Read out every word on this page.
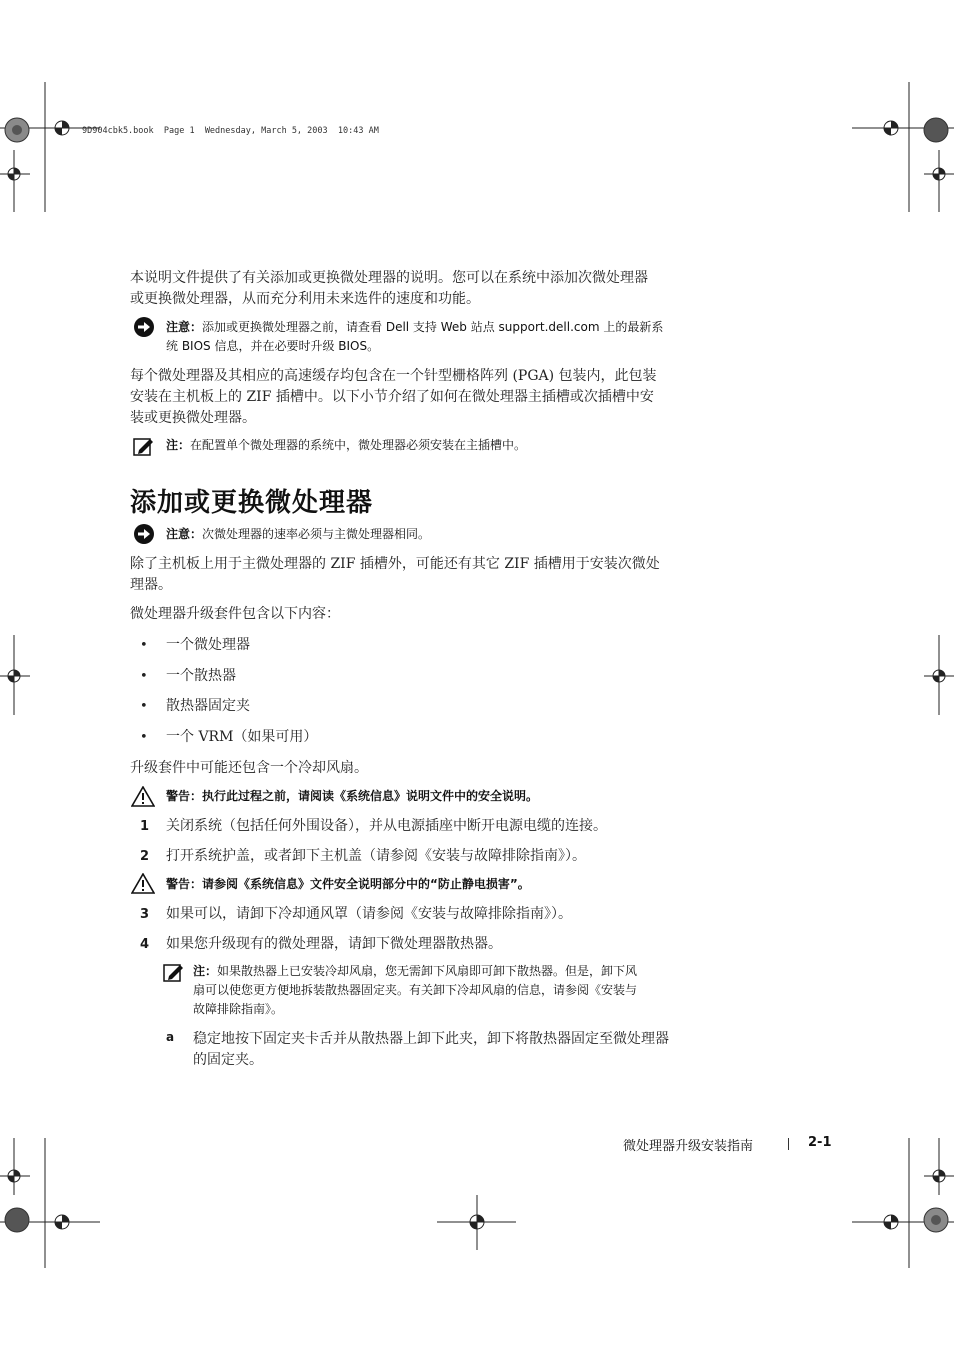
9D904cbk5.book  Page 1  Wednesday, March 5, 2003  10:43 AM
本说明文件提供了有关添加或更换微处理器的说明。您可以在系统中添加次微处理器
或更换微处理器，从而充分利用未来选件的速度和功能。
注意：添加或更换微处理器之前，请查看 Dell 支持 Web 站点 support.dell.com 上的最新系
统 BIOS 信息，并在必要时升级 BIOS。
每个微处理器及其相应的高速缓存均包含在一个针型栅格阵列 (PGA) 包装内，此包装
安装在主机板上的 ZIF 插槽中。以下小节介绍了如何在微处理器主插槽或次插槽中安
装或更换微处理器。
注：在配置单个微处理器的系统中，微处理器必须安装在主插槽中。
添加或更换微处理器
注意：次微处理器的速率必须与主微处理器相同。
除了主机板上用于主微处理器的 ZIF 插槽外，可能还有其它 ZIF 插槽用于安装次微处
理器。
微处理器升级套件包含以下内容：
• 一个微处理器
• 一个散热器
• 散热器固定夹
• 一个 VRM（如果可用）
升级套件中可能还包含一个冷却风扇。
警告：执行此过程之前，请阅读《系统信息》说明文件中的安全说明。
1 关闭系统（包括任何外围设备），并从电源插座中断开电源电缆的连接。
2 打开系统护盖，或者卸下主机盖（请参阅《安装与故障排除指南》）。
警告：请参阅《系统信息》文件安全说明部分中的“防止静电损害”。
3 如果可以，请卸下冷却通风罩（请参阅《安装与故障排除指南》）。
4 如果您升级现有的微处理器，请卸下微处理器散热器。
注：如果散热器上已安装冷却风扇，您无需卸下风扇即可卸下散热器。但是，卸下风
扇可以使您更方便地拆装散热器固定夹。有关卸下冷却风扇的信息，请参阅《安装与
故障排除指南》。
a 稳定地按下固定夹卡舌并从散热器上卸下此夹，卸下将散热器固定至微处理器
的固定夹。
微处理器升级安装指南	2-1
